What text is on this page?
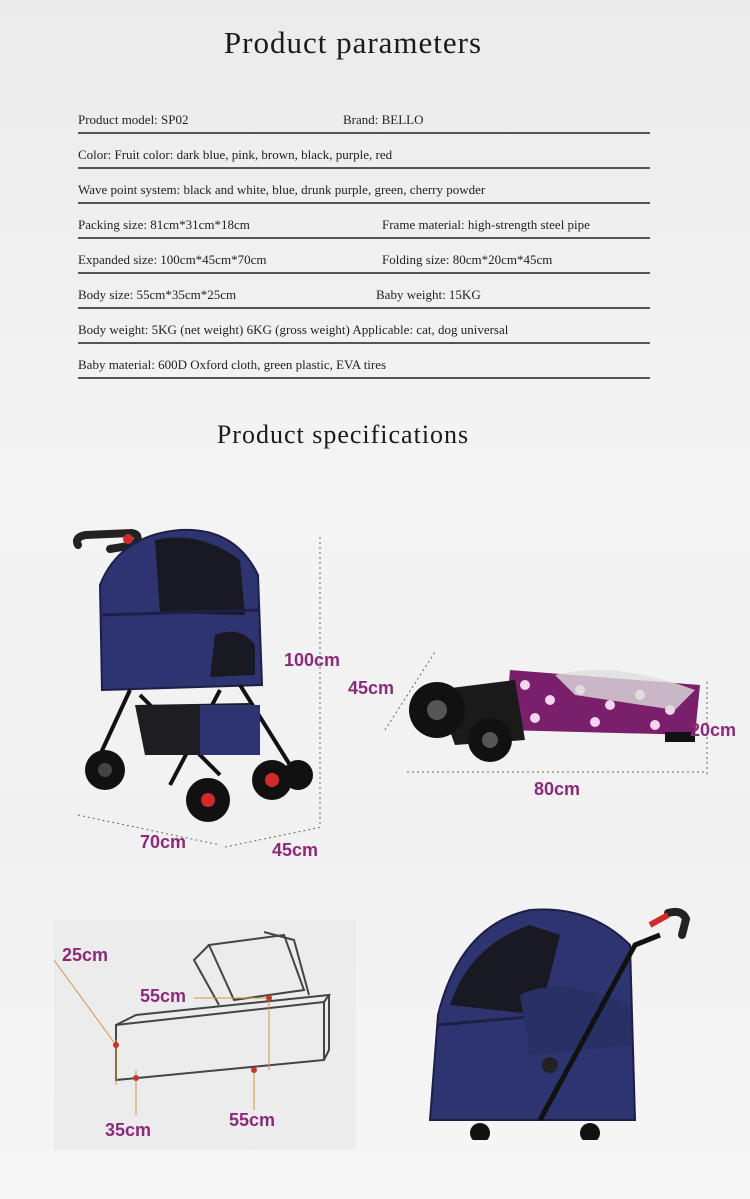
Product parameters
Product model: SP02	Brand: BELLO
Color: Fruit color: dark blue, pink, brown, black, purple, red
Wave point system: black and white, blue, drunk purple, green, cherry powder
Packing size: 81cm*31cm*18cm	Frame material: high-strength steel pipe
Expanded size: 100cm*45cm*70cm	Folding size: 80cm*20cm*45cm
Body size: 55cm*35cm*25cm	Baby weight: 15KG
Body weight: 5KG (net weight) 6KG (gross weight) Applicable: cat, dog universal
Baby material: 600D Oxford cloth, green plastic, EVA tires
Product specifications
100cm
70cm	45cm
45cm
20cm
80cm
25cm
55cm
35cm	55cm
